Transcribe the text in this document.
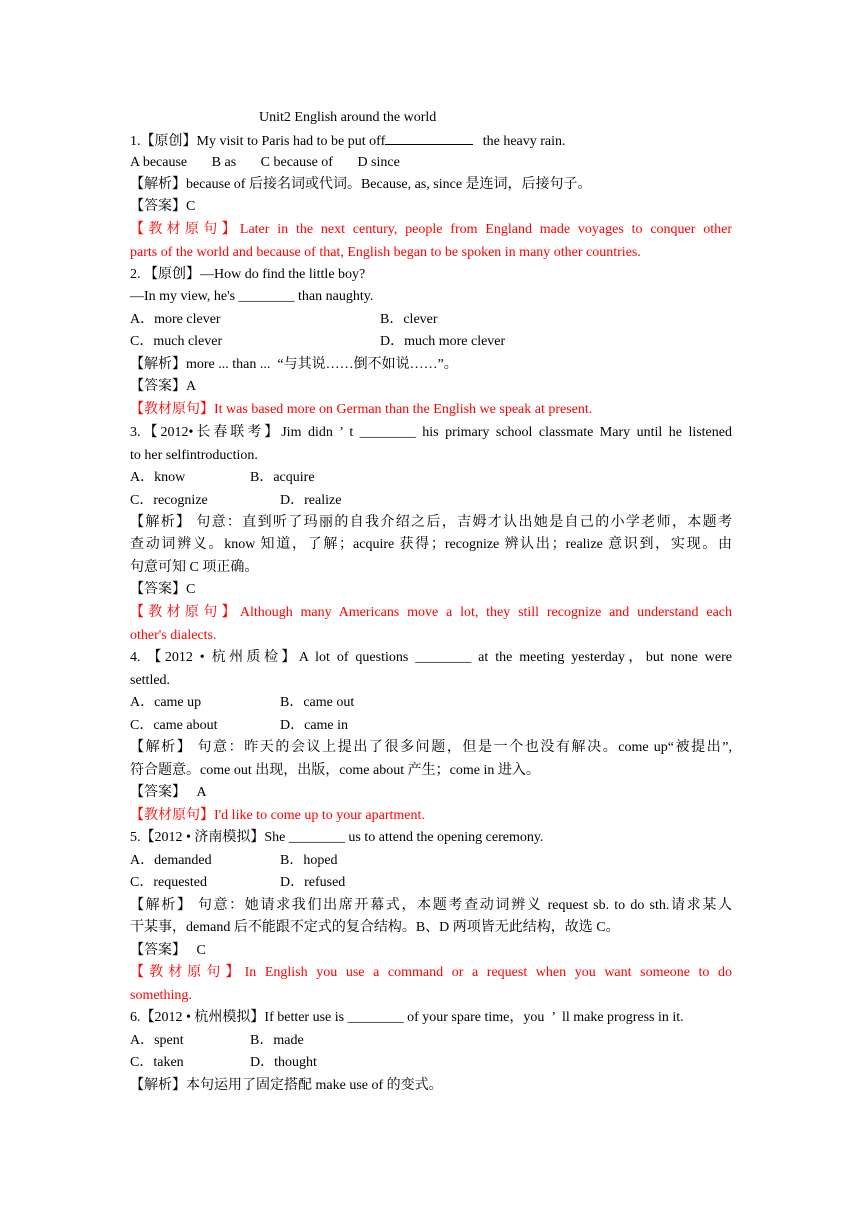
Unit2 English around the world
1.【原创】My visit to Paris had to be put off	the heavy rain.
A because       B as       C because of       D since
【解析】because of 后接名词或代词。Because, as, since 是连词，后接句子。
【答案】C
【教材原句】Later in the next century, people from England made voyages to conquer other
parts of the world and because of that, English began to be spoken in many other countries.
2. 【原创】—How do find the little boy?
—In my view, he's ________ than naughty.
A．more clever	B．clever
C．much clever	D．much more clever
【解析】more ... than ...  “与其说……倒不如说……”。
【答案】A
【教材原句】It was based more on German than the English we speak at present.
3.【2012•长春联考】Jim didn ’ t ________ his primary school classmate Mary until he listened
to her selfintroduction.
A．know	B．acquire
C．recognize	D．realize
【解析】 句意：直到听了玛丽的自我介绍之后，吉姆才认出她是自己的小学老师，本题考
查动词辨义。know 知道，了解；acquire 获得；recognize 辨认出；realize 意识到，实现。由
句意可知 C 项正确。
【答案】C
【教材原句】Although many Americans move a lot, they still recognize and understand each
other's dialects.
4. 【2012 • 杭州质检】A lot of questions ________ at the meeting yesterday，but none were
settled.
A．came up	B．came out
C．came about	D．came in
【解析】 句意：昨天的会议上提出了很多问题，但是一个也没有解决。come up“被提出”,
符合题意。come out 出现，出版，come about 产生；come in 进入。
【答案】   A
【教材原句】I'd like to come up to your apartment.
5.【2012 • 济南模拟】She ________ us to attend the opening ceremony.
A．demanded	B．hoped
C．requested	D．refused
【解析】 句意：她请求我们出席开幕式，本题考查动词辨义 request sb. to do sth.请求某人
干某事，demand 后不能跟不定式的复合结构。B、D 两项皆无此结构，故选 C。
【答案】   C
【教材原句】In English you use a command or a request when you want someone to do
something.
6.【2012 • 杭州模拟】If better use is ________ of your spare time，you  ’  ll make progress in it.
A．spent	B．made
C．taken	D．thought
【解析】本句运用了固定搭配 make use of 的变式。
